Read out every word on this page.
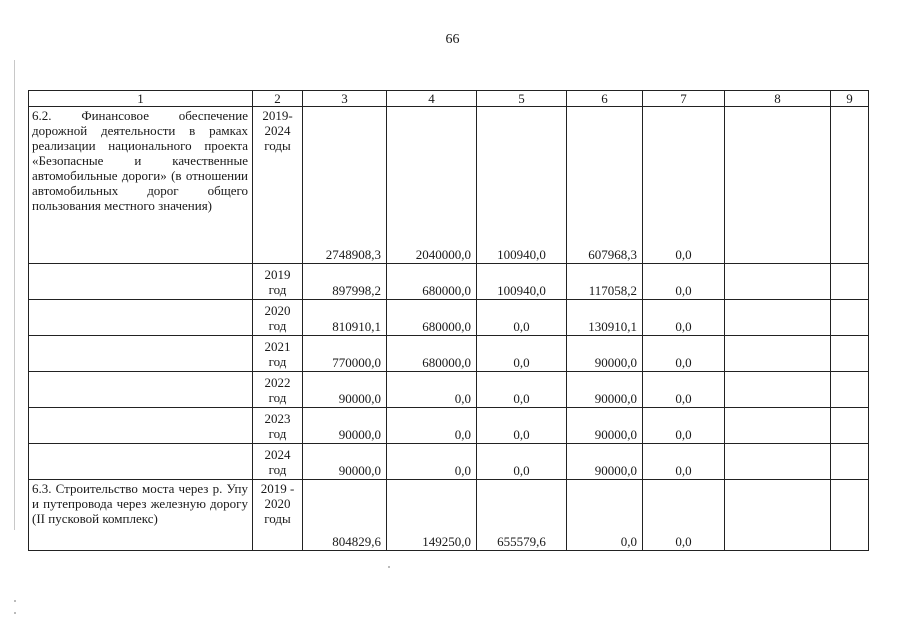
66
1	2	3	4	5	6	7	8	9
6.2. Финансовое обеспечение дорожной деятельности в рамках реализации национального проекта «Безопасные и качественные автомобильные дороги» (в отношении автомобильных дорог общего пользования местного значения)	2019-2024 годы	2748908,3	2040000,0	100940,0	607968,3	0,0		
	2019 год	897998,2	680000,0	100940,0	117058,2	0,0		
	2020 год	810910,1	680000,0	0,0	130910,1	0,0		
	2021 год	770000,0	680000,0	0,0	90000,0	0,0		
	2022 год	90000,0	0,0	0,0	90000,0	0,0		
	2023 год	90000,0	0,0	0,0	90000,0	0,0		
	2024 год	90000,0	0,0	0,0	90000,0	0,0		
6.3. Строительство моста через р. Упу и путепровода через железную дорогу (II пусковой комплекс)	2019 - 2020 годы	804829,6	149250,0	655579,6	0,0	0,0		
